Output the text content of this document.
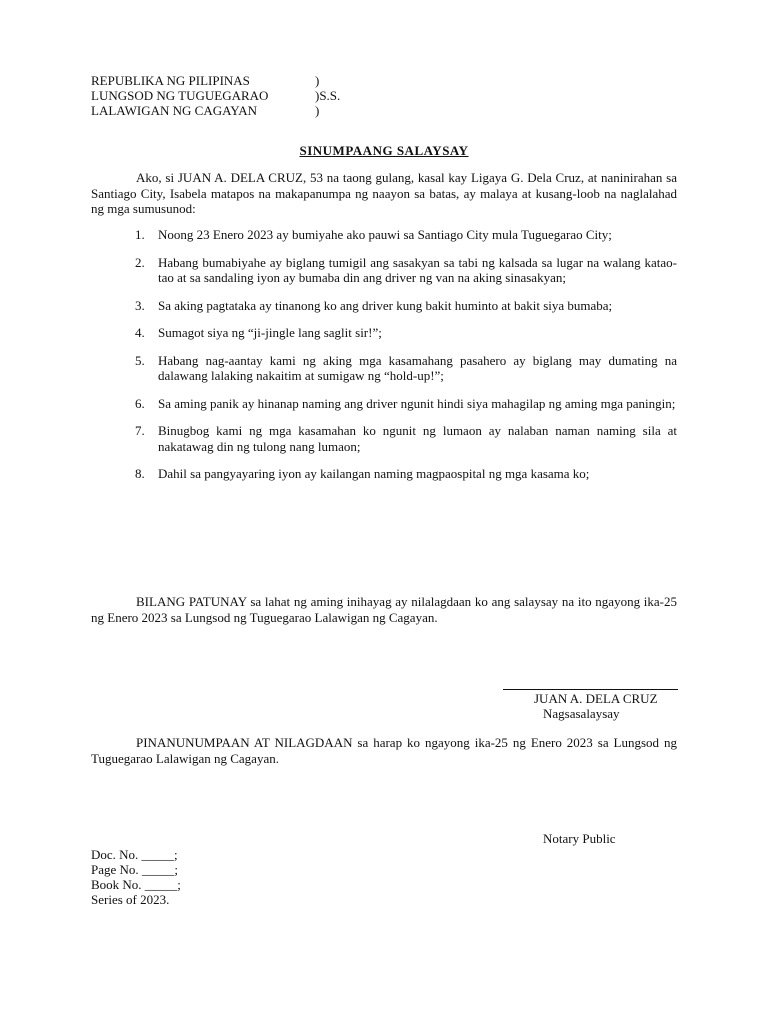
REPUBLIKA NG PILIPINAS	)
LUNGSOD NG TUGUEGARAO	)S.S.
LALAWIGAN NG CAGAYAN	)
SINUMPAANG SALAYSAY

Ako, si JUAN A. DELA CRUZ, 53 na taong gulang, kasal kay Ligaya G. Dela Cruz, at naninirahan sa Santiago City, Isabela matapos na makapanumpa ng naayon sa batas, ay malaya at kusang-loob na naglalahad ng mga sumusunod:

1. Noong 23 Enero 2023 ay bumiyahe ako pauwi sa Santiago City mula Tuguegarao City;
2. Habang bumabiyahe ay biglang tumigil ang sasakyan sa tabi ng kalsada sa lugar na walang katao-tao at sa sandaling iyon ay bumaba din ang driver ng van na aking sinasakyan;
3. Sa aking pagtataka ay tinanong ko ang driver kung bakit huminto at bakit siya bumaba;
4. Sumagot siya ng “ji-jingle lang saglit sir!”;
5. Habang nag-aantay kami ng aking mga kasamahang pasahero ay biglang may dumating na dalawang lalaking nakaitim at sumigaw ng “hold-up!”;
6. Sa aming panik ay hinanap naming ang driver ngunit hindi siya mahagilap ng aming mga paningin;
7. Binugbog kami ng mga kasamahan ko ngunit ng lumaon ay nalaban naman naming sila at nakatawag din ng tulong nang lumaon;
8. Dahil sa pangyayaring iyon ay kailangan naming magpaospital ng mga kasama ko;

BILANG PATUNAY sa lahat ng aming inihayag ay nilalagdaan ko ang salaysay na ito ngayong ika-25 ng Enero 2023 sa Lungsod ng Tuguegarao Lalawigan ng Cagayan.

JUAN A. DELA CRUZ
Nagsasalaysay

PINANUNUMPAAN AT NILAGDAAN sa harap ko ngayong ika-25 ng Enero 2023 sa Lungsod ng Tuguegarao Lalawigan ng Cagayan.

Notary Public
Doc. No. _____;
Page No. _____;
Book No. _____;
Series of 2023.
